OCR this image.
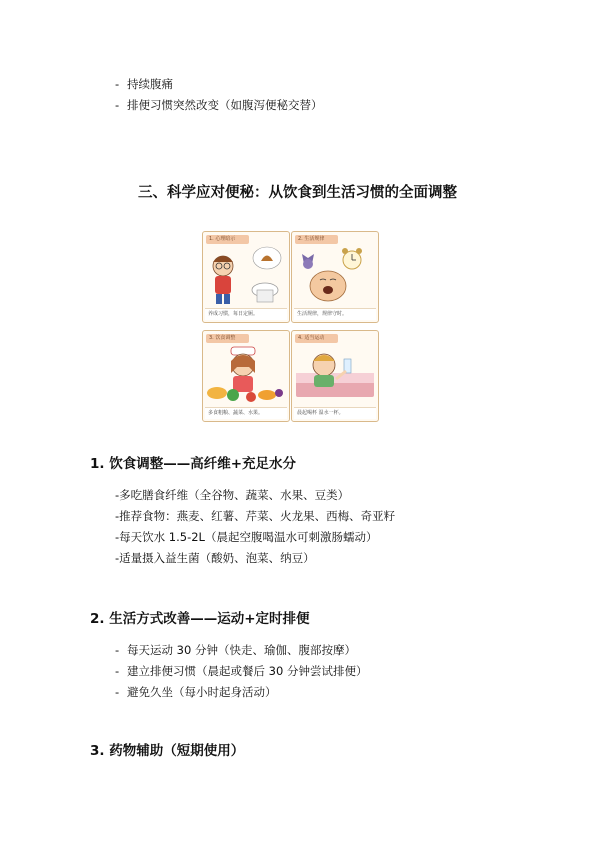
- 持续腹痛
- 排便习惯突然改变（如腹泻便秘交替）
三、科学应对便秘：从饮食到生活习惯的全面调整
1. 心理暗示
养成习惯，每日定厕。
2. 生活规律
生活规律，规律守时。
3. 饮食调整
多食粗粮、蔬菜、水果。
4. 适当运动
晨起喝杯 温水一杯。
1. 饮食调整——高纤维+充足水分
-多吃膳食纤维（全谷物、蔬菜、水果、豆类）
-推荐食物：燕麦、红薯、芹菜、火龙果、西梅、奇亚籽
-每天饮水 1.5-2L（晨起空腹喝温水可刺激肠蠕动）
-适量摄入益生菌（酸奶、泡菜、纳豆）
2. 生活方式改善——运动+定时排便
- 每天运动 30 分钟（快走、瑜伽、腹部按摩）
- 建立排便习惯（晨起或餐后 30 分钟尝试排便）
- 避免久坐（每小时起身活动）
3. 药物辅助（短期使用）
